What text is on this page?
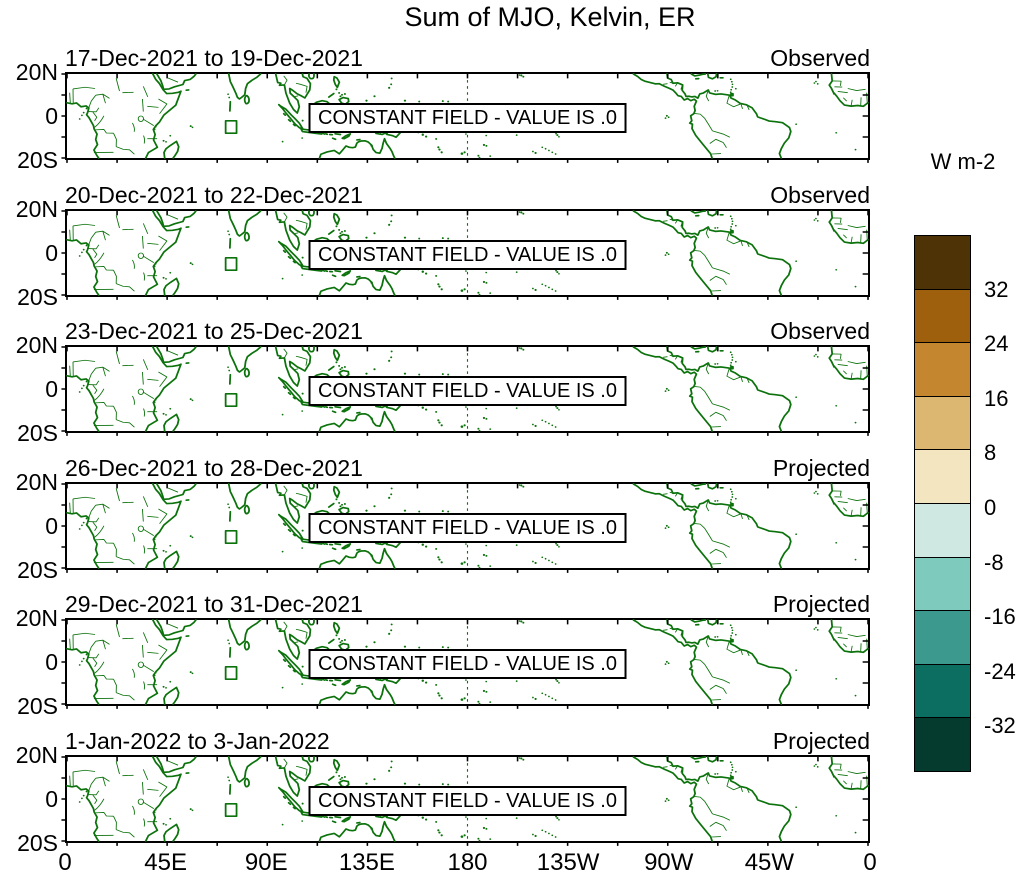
Sum of MJO, Kelvin, ER
17-Dec-2021 to 19-Dec-2021	Observed
20N
0
20S
CONSTANT FIELD - VALUE IS .0
20-Dec-2021 to 22-Dec-2021	Observed
20N
0
20S
CONSTANT FIELD - VALUE IS .0
23-Dec-2021 to 25-Dec-2021	Observed
20N
0
20S
CONSTANT FIELD - VALUE IS .0
26-Dec-2021 to 28-Dec-2021	Projected
20N
0
20S
CONSTANT FIELD - VALUE IS .0
29-Dec-2021 to 31-Dec-2021	Projected
20N
0
20S
CONSTANT FIELD - VALUE IS .0
1-Jan-2022 to 3-Jan-2022	Projected
20N
0
20S
CONSTANT FIELD - VALUE IS .0
0	45E	90E	135E	180	135W	90W	45W	0
W m-2
32
24
16
8
0
-8
-16
-24
-32
